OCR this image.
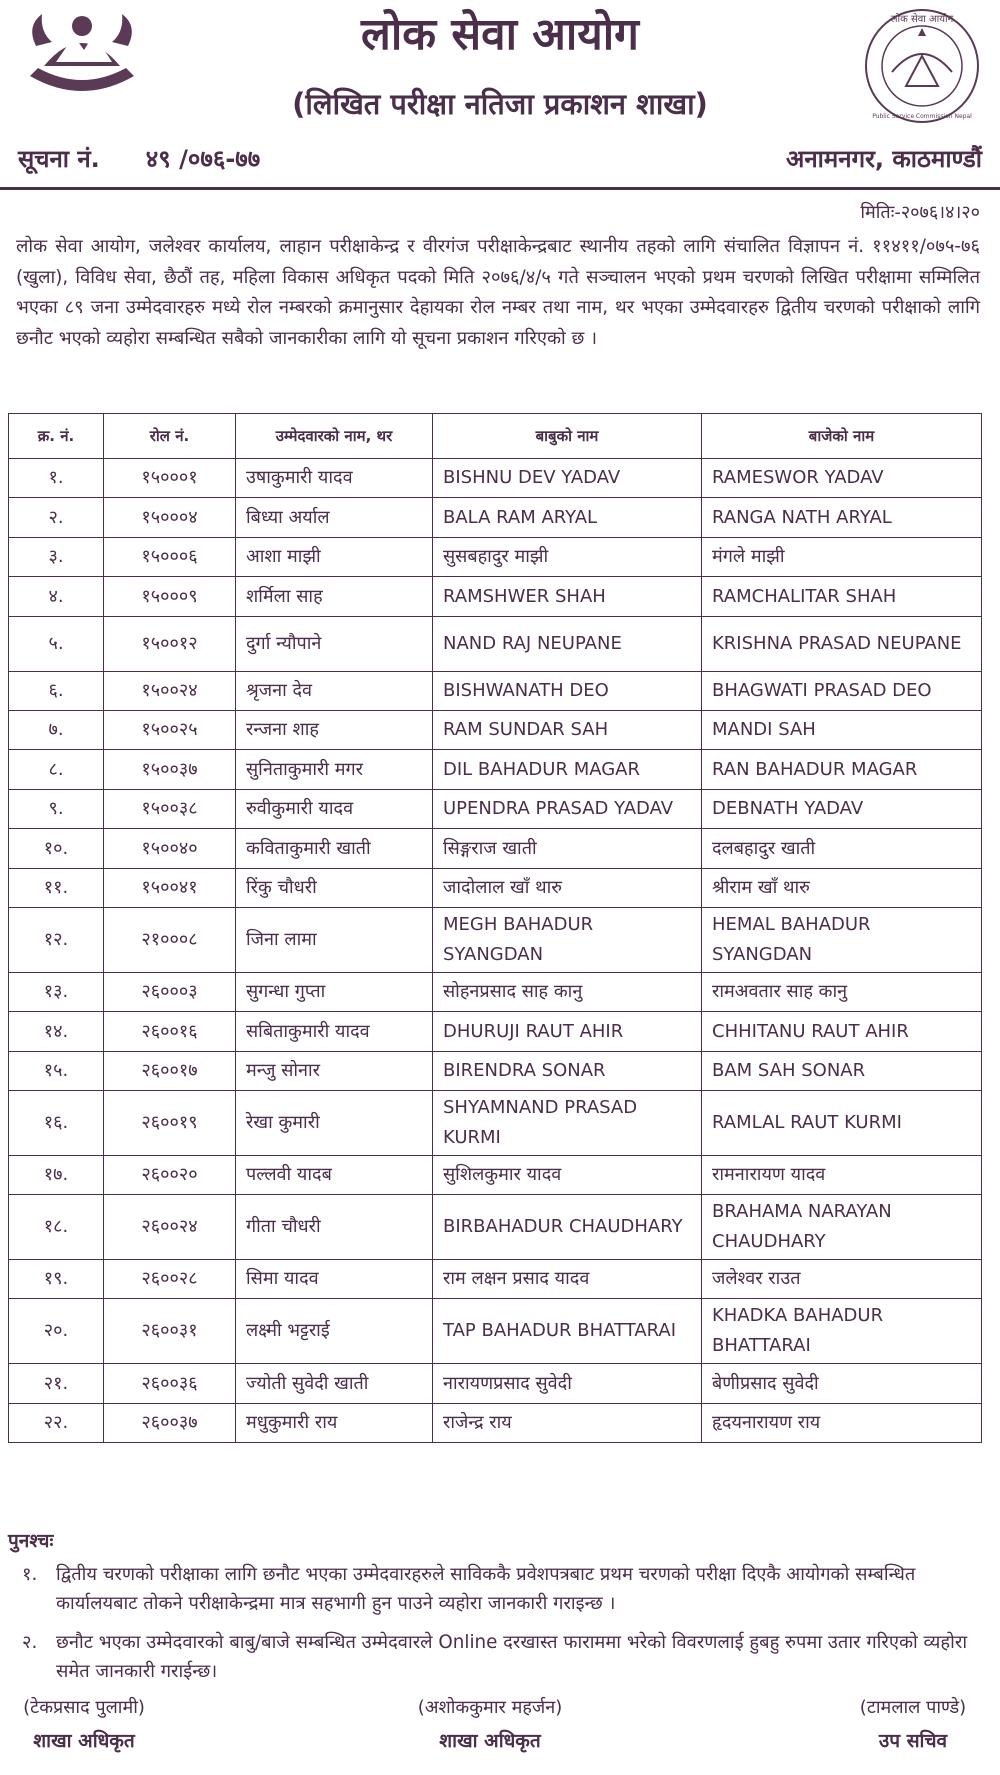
लोक सेवा आयोग
Public Service Commission Nepal
लोक सेवा आयोग
(लिखित परीक्षा नतिजा प्रकाशन शाखा)
सूचना नं. ४९ /०७६-७७	अनामनगर, काठमाण्डौं
मितिः-२०७६।४।२०
लोक सेवा आयोग, जलेश्वर कार्यालय, लाहान परीक्षाकेन्द्र र वीरगंज परीक्षाकेन्द्रबाट स्थानीय तहको लागि संचालित विज्ञापन नं. ११४११/०७५-७६ (खुला), विविध सेवा, छैठौं तह, महिला विकास अधिकृत पदको मिति २०७६/४/५ गते सञ्चालन भएको प्रथम चरणको लिखित परीक्षामा सम्मिलित भएका ८९ जना उम्मेदवारहरु मध्ये रोल नम्बरको क्रमानुसार देहायका रोल नम्बर तथा नाम, थर भएका उम्मेदवारहरु द्वितीय चरणको परीक्षाको लागि छनौट भएको व्यहोरा सम्बन्धित सबैको जानकारीका लागि यो सूचना प्रकाशन गरिएको छ ।
क्र. नं.	रोल नं.	उम्मेदवारको नाम, थर	बाबुको नाम	बाजेको नाम
१.	१५०००१	उषाकुमारी यादव	BISHNU DEV YADAV	RAMESWOR YADAV
२.	१५०००४	बिध्या अर्याल	BALA RAM ARYAL	RANGA NATH ARYAL
३.	१५०००६	आशा माझी	सुसबहादुर माझी	मंगले माझी
४.	१५०००९	शर्मिला साह	RAMSHWER SHAH	RAMCHALITAR SHAH
५.	१५००१२	दुर्गा न्यौपाने	NAND RAJ NEUPANE	KRISHNA PRASAD NEUPANE
६.	१५००२४	श्रृजना देव	BISHWANATH DEO	BHAGWATI PRASAD DEO
७.	१५००२५	रन्जना शाह	RAM SUNDAR SAH	MANDI SAH
८.	१५००३७	सुनिताकुमारी मगर	DIL BAHADUR MAGAR	RAN BAHADUR MAGAR
९.	१५००३८	रुवीकुमारी यादव	UPENDRA PRASAD YADAV	DEBNATH YADAV
१०.	१५००४०	कविताकुमारी खाती	सिङ्गराज खाती	दलबहादुर खाती
११.	१५००४१	रिंकु चौधरी	जादोलाल खाँ थारु	श्रीराम खाँ थारु
१२.	२१०००८	जिना लामा	MEGH BAHADUR SYANGDAN	HEMAL BAHADUR SYANGDAN
१३.	२६०००३	सुगन्धा गुप्ता	सोहनप्रसाद साह कानु	रामअवतार साह कानु
१४.	२६००१६	सबिताकुमारी यादव	DHURUJI RAUT AHIR	CHHITANU RAUT AHIR
१५.	२६००१७	मन्जु सोनार	BIRENDRA SONAR	BAM SAH SONAR
१६.	२६००१९	रेखा कुमारी	SHYAMNAND PRASAD KURMI	RAMLAL RAUT KURMI
१७.	२६००२०	पल्लवी यादब	सुशिलकुमार यादव	रामनारायण यादव
१८.	२६००२४	गीता चौधरी	BIRBAHADUR CHAUDHARY	BRAHAMA NARAYAN CHAUDHARY
१९.	२६००२८	सिमा यादव	राम लक्षन प्रसाद यादव	जलेश्वर राउत
२०.	२६००३१	लक्ष्मी भट्टराई	TAP BAHADUR BHATTARAI	KHADKA BAHADUR BHATTARAI
२१.	२६००३६	ज्योती सुवेदी खाती	नारायणप्रसाद सुवेदी	बेणीप्रसाद सुवेदी
२२.	२६००३७	मधुकुमारी राय	राजेन्द्र राय	हृदयनारायण राय
पुनश्चः
१. द्वितीय चरणको परीक्षाका लागि छनौट भएका उम्मेदवारहरुले साविककै प्रवेशपत्रबाट प्रथम चरणको परीक्षा दिएकै आयोगको सम्बन्धित कार्यालयबाट तोकने परीक्षाकेन्द्रमा मात्र सहभागी हुन पाउने व्यहोरा जानकारी गराइन्छ ।
२. छनौट भएका उम्मेदवारको बाबु/बाजे सम्बन्धित उम्मेदवारले Online दरखास्त फाराममा भरेको विवरणलाई हुबहु रुपमा उतार गरिएको व्यहोरा समेत जानकारी गराईन्छ।
(टेकप्रसाद पुलामी)
शाखा अधिकृत
(अशोककुमार महर्जन)
शाखा अधिकृत
(टामलाल पाण्डे)
उप सचिव
